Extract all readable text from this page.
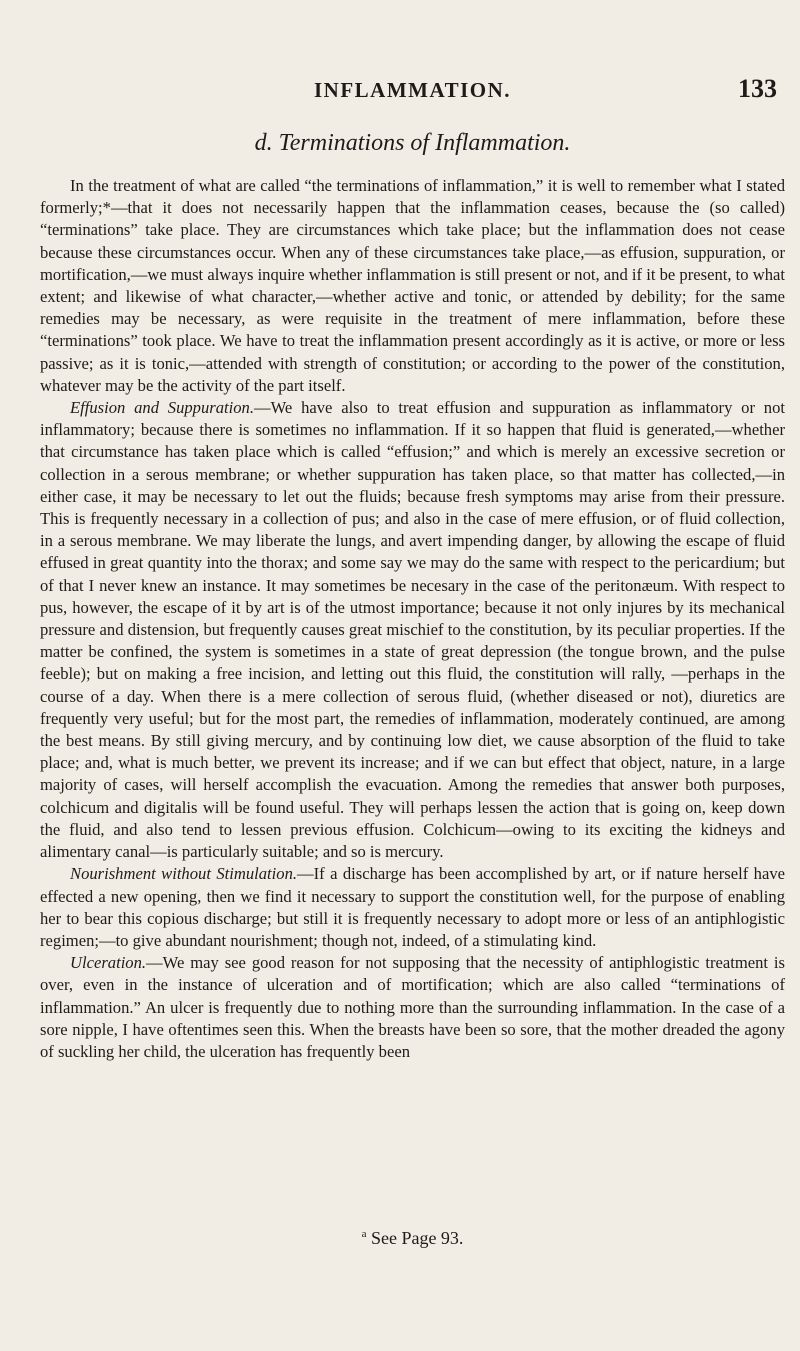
INFLAMMATION.	133
d. Terminations of Inflammation.

In the treatment of what are called “the terminations of inflammation,” it is well to remember what I stated formerly;*—that it does not necessarily happen that the inflammation ceases, because the (so called) “terminations” take place. They are circumstances which take place; but the inflammation does not cease because these circumstances occur. When any of these circumstances take place,—as effusion, suppuration, or mortification,—we must always inquire whether inflammation is still present or not, and if it be present, to what extent; and likewise of what character,—whether active and tonic, or attended by debility; for the same remedies may be necessary, as were requisite in the treatment of mere inflammation, before these “terminations” took place. We have to treat the inflammation present accordingly as it is active, or more or less passive; as it is tonic,—attended with strength of constitution; or according to the power of the constitution, whatever may be the activity of the part itself.

Effusion and Suppuration.—We have also to treat effusion and suppuration as inflammatory or not inflammatory; because there is sometimes no inflammation. If it so happen that fluid is generated,—whether that circumstance has taken place which is called “effusion;” and which is merely an excessive secretion or collection in a serous membrane; or whether suppuration has taken place, so that matter has collected,—in either case, it may be necessary to let out the fluids; because fresh symptoms may arise from their pressure. This is frequently necessary in a collection of pus; and also in the case of mere effusion, or of fluid collection, in a serous membrane. We may liberate the lungs, and avert impending danger, by allowing the escape of fluid effused in great quantity into the thorax; and some say we may do the same with respect to the pericardium; but of that I never knew an instance. It may sometimes be necesary in the case of the peritonæum. With respect to pus, however, the escape of it by art is of the utmost importance; because it not only injures by its mechanical pressure and distension, but frequently causes great mischief to the constitution, by its peculiar properties. If the matter be confined, the system is sometimes in a state of great depression (the tongue brown, and the pulse feeble); but on making a free incision, and letting out this fluid, the constitution will rally, —perhaps in the course of a day. When there is a mere collection of serous fluid, (whether diseased or not), diuretics are frequently very useful; but for the most part, the remedies of inflammation, moderately continued, are among the best means. By still giving mercury, and by continuing low diet, we cause absorption of the fluid to take place; and, what is much better, we prevent its increase; and if we can but effect that object, nature, in a large majority of cases, will herself accomplish the evacuation. Among the remedies that answer both purposes, colchicum and digitalis will be found useful. They will perhaps lessen the action that is going on, keep down the fluid, and also tend to lessen previous effusion. Colchicum—owing to its exciting the kidneys and alimentary canal—is particularly suitable; and so is mercury.

Nourishment without Stimulation.—If a discharge has been accomplished by art, or if nature herself have effected a new opening, then we find it necessary to support the constitution well, for the purpose of enabling her to bear this copious discharge; but still it is frequently necessary to adopt more or less of an antiphlogistic regimen;—to give abundant nourishment; though not, indeed, of a stimulating kind.

Ulceration.—We may see good reason for not supposing that the necessity of antiphlogistic treatment is over, even in the instance of ulceration and of mortification; which are also called “terminations of inflammation.” An ulcer is frequently due to nothing more than the surrounding inflammation. In the case of a sore nipple, I have oftentimes seen this. When the breasts have been so sore, that the mother dreaded the agony of suckling her child, the ulceration has frequently been

$^a$ See Page 93.
